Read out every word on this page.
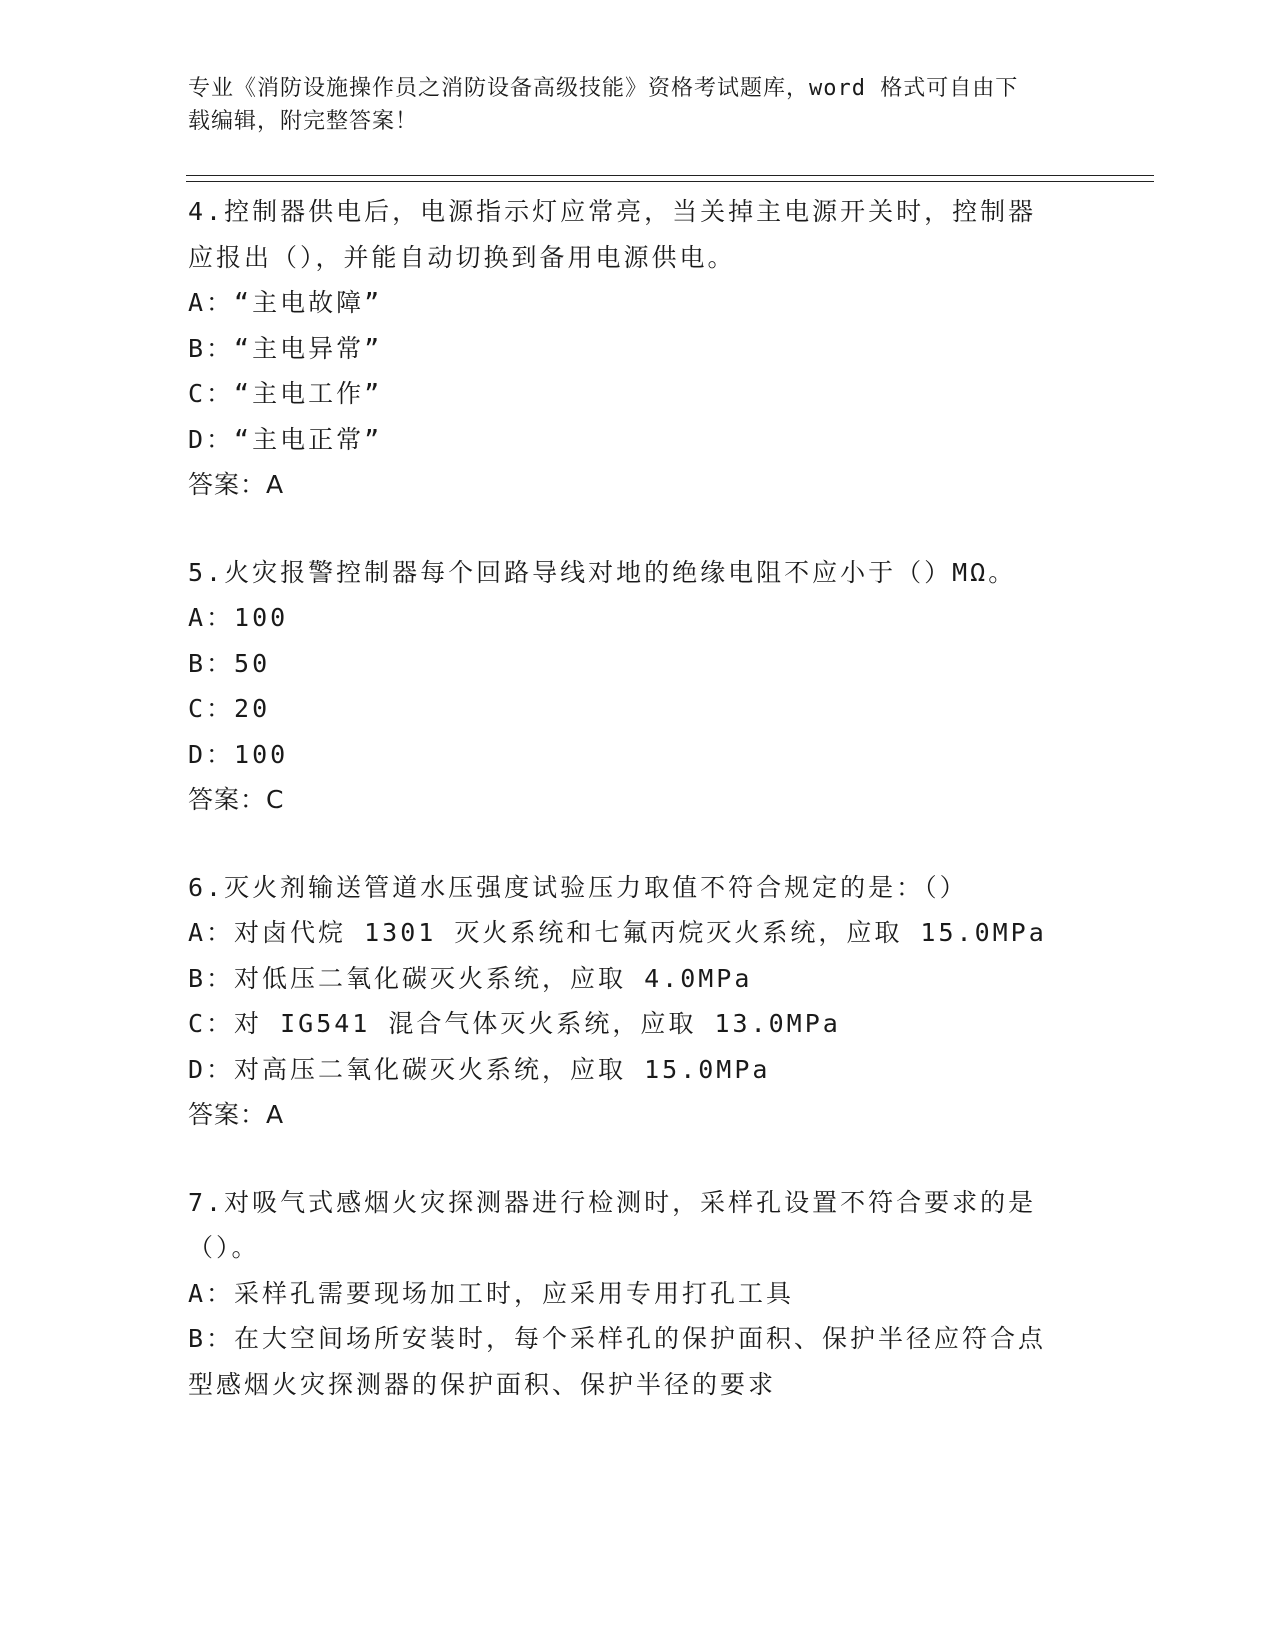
专业《消防设施操作员之消防设备高级技能》资格考试题库，word 格式可自由下
载编辑，附完整答案！
4.控制器供电后，电源指示灯应常亮，当关掉主电源开关时，控制器
应报出（），并能自动切换到备用电源供电。
A：“主电故障”
B：“主电异常”
C：“主电工作”
D：“主电正常”
答案：A
5.火灾报警控制器每个回路导线对地的绝缘电阻不应小于（）MΩ。
A：100
B：50
C：20
D：100
答案：C
6.灭火剂输送管道水压强度试验压力取值不符合规定的是：（）
A：对卤代烷 1301 灭火系统和七氟丙烷灭火系统，应取 15.0MPa
B：对低压二氧化碳灭火系统，应取 4.0MPa
C：对 IG541 混合气体灭火系统，应取 13.0MPa
D：对高压二氧化碳灭火系统，应取 15.0MPa
答案：A
7.对吸气式感烟火灾探测器进行检测时，采样孔设置不符合要求的是
（）。
A：采样孔需要现场加工时，应采用专用打孔工具
B：在大空间场所安装时，每个采样孔的保护面积、保护半径应符合点
型感烟火灾探测器的保护面积、保护半径的要求
